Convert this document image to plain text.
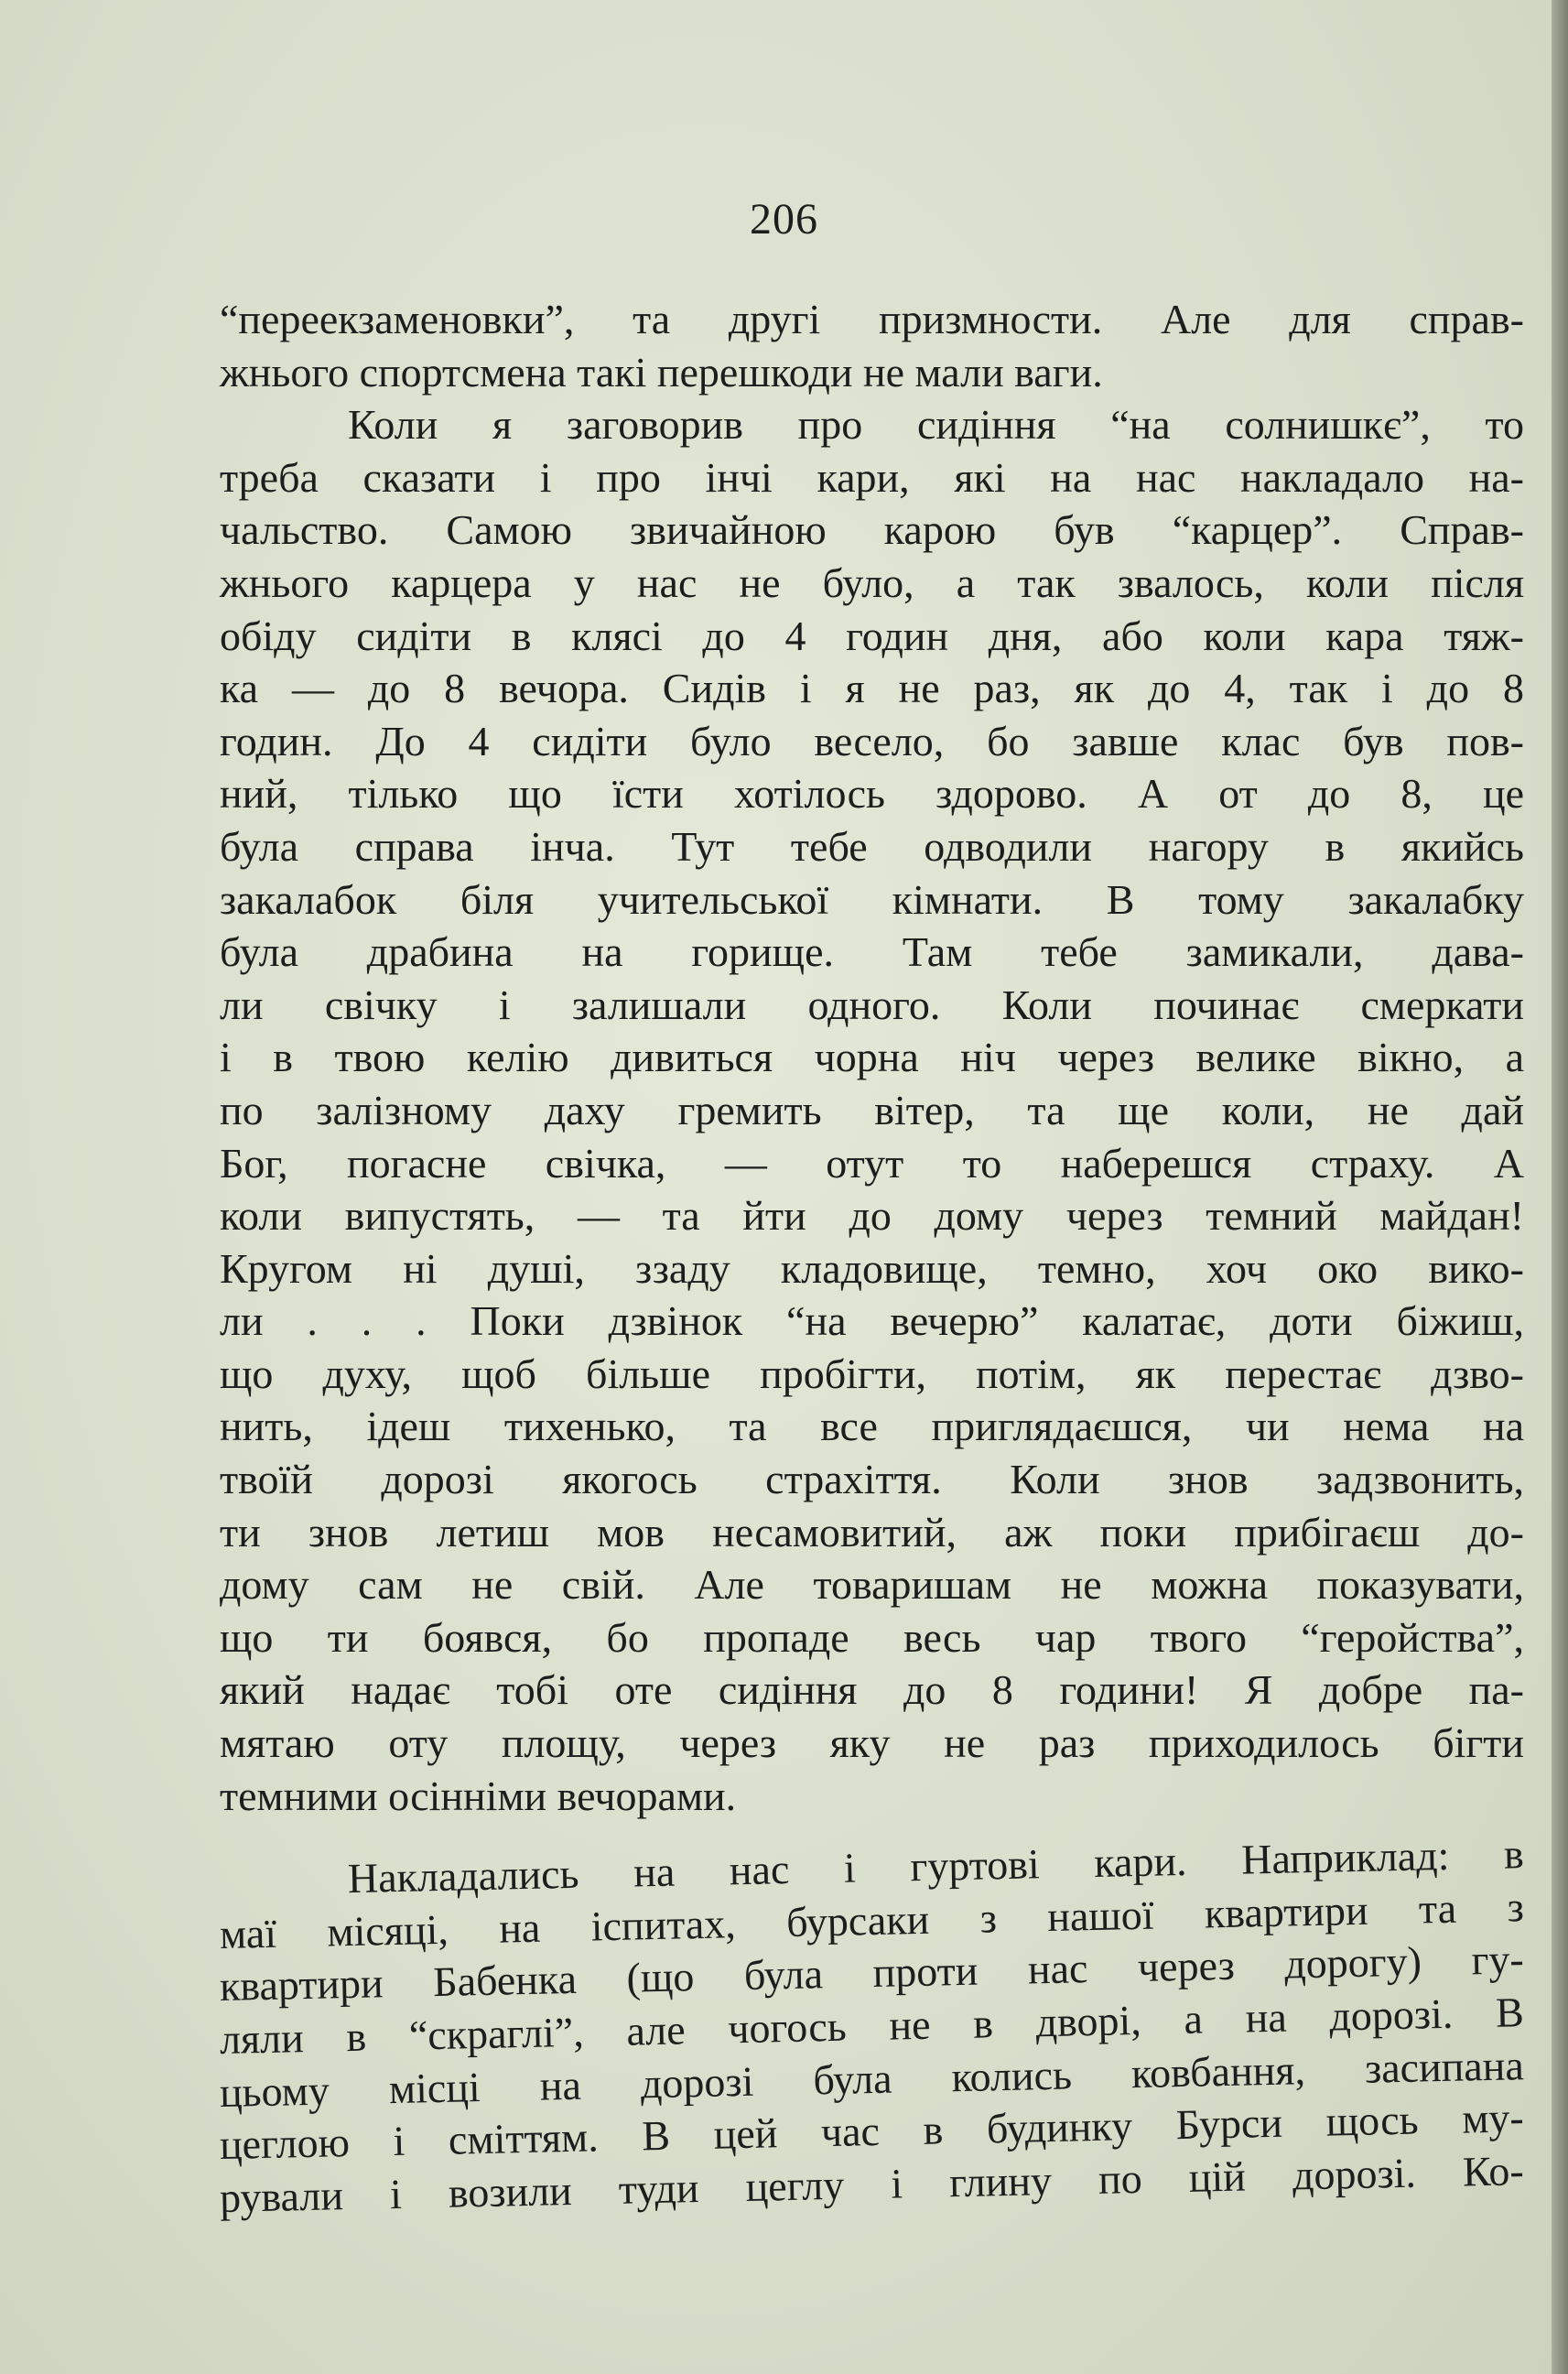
206
“переекзаменовки”, та другі призмности. Але для справ-
жнього спортсмена такі перешкоди не мали ваги.
Коли я заговорив про сидіння “на солнишкє”, то
треба сказати і про інчі кари, які на нас накладало на-
чальство. Самою звичайною карою був “карцер”. Справ-
жнього карцера у нас не було, а так звалось, коли після
обіду сидіти в клясі до 4 годин дня, або коли кара тяж-
ка — до 8 вечора. Сидів і я не раз, як до 4, так і до 8
годин. До 4 сидіти було весело, бо завше клас був пов-
ний, тілько що їсти хотілось здорово. А от до 8, це
була справа інча. Тут тебе одводили нагору в якийсь
закалабок біля учительської кімнати. В тому закалабку
була драбина на горище. Там тебе замикали, дава-
ли свічку і залишали одного. Коли починає смеркати
і в твою келію дивиться чорна ніч через велике вікно, а
по залізному даху гремить вітер, та ще коли, не дай
Бог, погасне свічка, — отут то наберешся страху. А
коли випустять, — та йти до дому через темний майдан!
Кругом ні душі, ззаду кладовище, темно, хоч око вико-
ли . . . Поки дзвінок “на вечерю” калатає, доти біжиш,
що духу, щоб більше пробігти, потім, як перестає дзво-
нить, ідеш тихенько, та все приглядаєшся, чи нема на
твоїй дорозі якогось страхіття. Коли знов задзвонить,
ти знов летиш мов несамовитий, аж поки прибігаєш до-
дому сам не свій. Але товаришам не можна показувати,
що ти боявся, бо пропаде весь чар твого “геройства”,
який надає тобі оте сидіння до 8 години! Я добре па-
мятаю оту площу, через яку не раз приходилось бігти
темними осінніми вечорами.
Накладались на нас і гуртові кари. Наприклад: в
маї місяці, на іспитах, бурсаки з нашої квартири та з
квартири Бабенка (що була проти нас через дорогу) гу-
ляли в “скраглі”, але чогось не в дворі, а на дорозі. В
цьому місці на дорозі була колись ковбання, засипана
цеглою і сміттям. В цей час в будинку Бурси щось му-
рували і возили туди цеглу і глину по цій дорозі. Ко-
